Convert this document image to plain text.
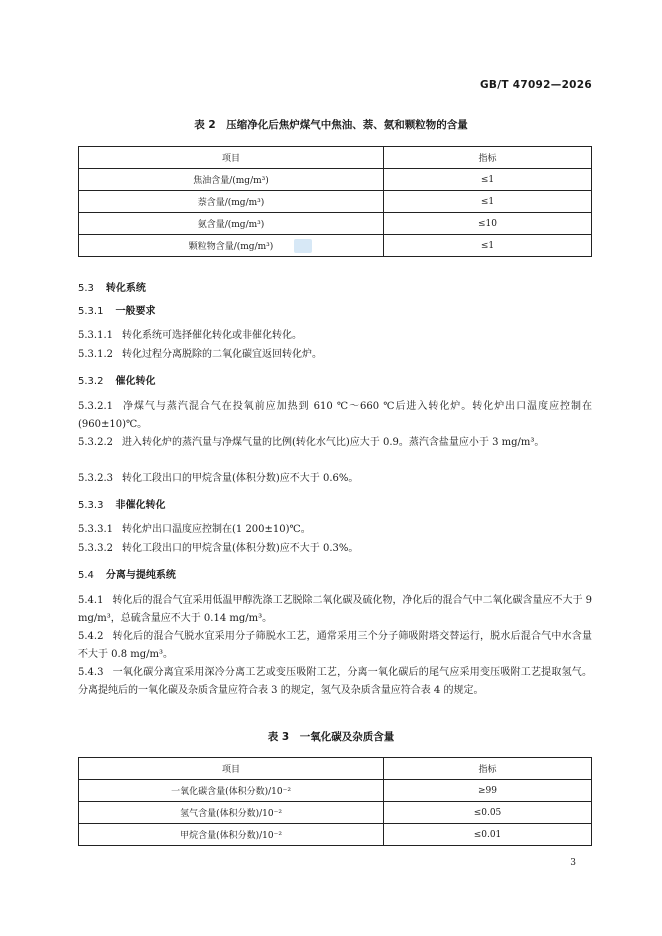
GB/T 47092—2026
表 2　压缩净化后焦炉煤气中焦油、萘、氨和颗粒物的含量
项目	指标
焦油含量/(mg/m³)	≤1
萘含量/(mg/m³)	≤1
氨含量/(mg/m³)	≤10
颗粒物含量/(mg/m³)	≤1
5.3 转化系统
5.3.1 一般要求
5.3.1.1 转化系统可选择催化转化或非催化转化。
5.3.1.2 转化过程分离脱除的二氧化碳宜返回转化炉。
5.3.2 催化转化
5.3.2.1 净煤气与蒸汽混合气在投氧前应加热到 610 ℃～660 ℃后进入转化炉。转化炉出口温度应控制在(960±10)℃。
5.3.2.2 进入转化炉的蒸汽量与净煤气量的比例(转化水气比)应大于 0.9。蒸汽含盐量应小于 3 mg/m³。
5.3.2.3 转化工段出口的甲烷含量(体积分数)应不大于 0.6%。
5.3.3 非催化转化
5.3.3.1 转化炉出口温度应控制在(1 200±10)℃。
5.3.3.2 转化工段出口的甲烷含量(体积分数)应不大于 0.3%。
5.4 分离与提纯系统
5.4.1 转化后的混合气宜采用低温甲醇洗涤工艺脱除二氧化碳及硫化物，净化后的混合气中二氧化碳含量应不大于 9 mg/m³，总硫含量应不大于 0.14 mg/m³。
5.4.2 转化后的混合气脱水宜采用分子筛脱水工艺，通常采用三个分子筛吸附塔交替运行，脱水后混合气中水含量不大于 0.8 mg/m³。
5.4.3 一氧化碳分离宜采用深冷分离工艺或变压吸附工艺，分离一氧化碳后的尾气应采用变压吸附工艺提取氢气。分离提纯后的一氧化碳及杂质含量应符合表 3 的规定，氢气及杂质含量应符合表 4 的规定。
表 3　一氧化碳及杂质含量
项目	指标
一氧化碳含量(体积分数)/10⁻²	≥99
氢气含量(体积分数)/10⁻²	≤0.05
甲烷含量(体积分数)/10⁻²	≤0.01
3
